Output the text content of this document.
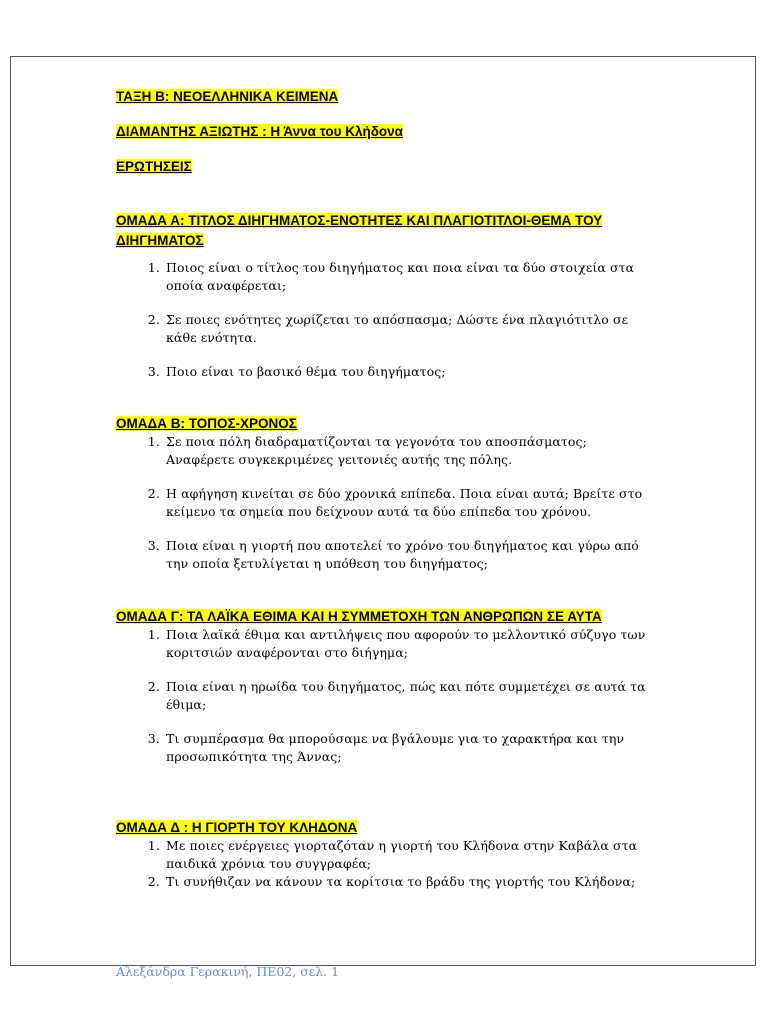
ΤΑΞΗ Β: ΝΕΟΕΛΛΗΝΙΚΑ ΚΕΙΜΕΝΑ

ΔΙΑΜΑΝΤΗΣ ΑΞΙΩΤΗΣ : Η Άννα του Κλήδονα

ΕΡΩΤΗΣΕΙΣ

ΟΜΑΔΑ Α: ΤΙΤΛΟΣ ΔΙΗΓΗΜΑΤΟΣ-ΕΝΟΤΗΤΕΣ ΚΑΙ ΠΛΑΓΙΟΤΙΤΛΟΙ-ΘΕΜΑ ΤΟΥ ΔΙΗΓΗΜΑΤΟΣ

1. Ποιος είναι ο τίτλος του διηγήματος και ποια είναι τα δύο στοιχεία στα οποία αναφέρεται;
2. Σε ποιες ενότητες χωρίζεται το απόσπασμα; Δώστε ένα πλαγιότιτλο σε κάθε ενότητα.
3. Ποιο είναι το βασικό θέμα του διηγήματος;

ΟΜΑΔΑ Β: ΤΟΠΟΣ-ΧΡΟΝΟΣ

1. Σε ποια πόλη διαδραματίζονται τα γεγονότα του αποσπάσματος; Αναφέρετε συγκεκριμένες γειτονιές αυτής της πόλης.
2. Η αφήγηση κινείται σε δύο χρονικά επίπεδα. Ποια είναι αυτά; Βρείτε στο κείμενο τα σημεία που δείχνουν αυτά τα δύο επίπεδα του χρόνου.
3. Ποια είναι η γιορτή που αποτελεί το χρόνο του διηγήματος και γύρω από την οποία ξετυλίγεται η υπόθεση του διηγήματος;

ΟΜΑΔΑ Γ: ΤΑ ΛΑΪΚΑ ΕΘΙΜΑ ΚΑΙ Η ΣΥΜΜΕΤΟΧΗ ΤΩΝ ΑΝΘΡΩΠΩΝ ΣΕ ΑΥΤΑ

1. Ποια λαϊκά έθιμα και αντιλήψεις που αφορούν το μελλοντικό σύζυγο των κοριτσιών αναφέρονται στο διήγημα;
2. Ποια είναι η ηρωίδα του διηγήματος, πώς και πότε συμμετέχει σε αυτά τα έθιμα;
3. Τι συμπέρασμα θα μπορούσαμε να βγάλουμε για το χαρακτήρα και την προσωπικότητα της Άννας;

ΟΜΑΔΑ Δ : Η ΓΙΟΡΤΗ ΤΟΥ ΚΛΗΔΟΝΑ

1. Με ποιες ενέργειες γιορταζόταν η γιορτή του Κλήδονα στην Καβάλα στα παιδικά χρόνια του συγγραφέα;
2. Τι συνήθιζαν να κάνουν τα κορίτσια το βράδυ της γιορτής του Κλήδονα;
Αλεξάνδρα Γερακινή, ΠΕ02, σελ. 1
